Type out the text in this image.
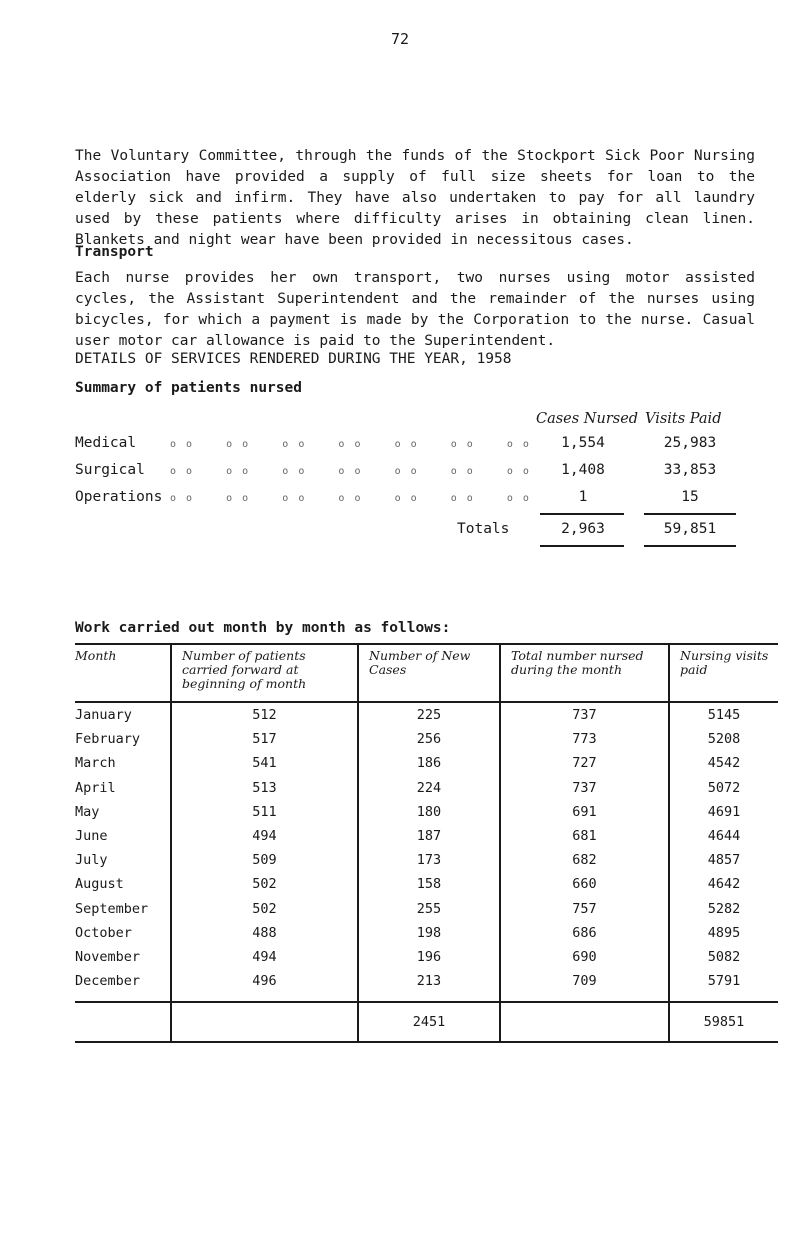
72

The Voluntary Committee, through the funds of the Stockport Sick Poor Nursing Association have provided a supply of full size sheets for loan to the elderly sick and infirm. They have also undertaken to pay for all laundry used by these patients where difficulty arises in obtaining clean linen. Blankets and night wear have been provided in necessitous cases.

Transport

Each nurse provides her own transport, two nurses using motor assisted cycles, the Assistant Superintendent and the remainder of the nurses using bicycles, for which a payment is made by the Corporation to the nurse. Casual user motor car allowance is paid to the Superintendent.

DETAILS OF SERVICES RENDERED DURING THE YEAR, 1958
Summary of patients nursed
Cases Nursed Visits Paid
Medical	o o    o o    o o    o o    o o    o o    o o	1,554	25,983
Surgical	o o    o o    o o    o o    o o    o o    o o	1,408	33,853
Operations o o    o o    o o    o o    o o    o o    o o	1	15
Totals	2,963	59,851
Work carried out month by month as follows:
Month	Number of patients carried forward at beginning of month	Number of New Cases	Total number nursed during the month	Nursing visits paid
January	512	225	737	5145
February	517	256	773	5208
March	541	186	727	4542
April	513	224	737	5072
May	511	180	691	4691
June	494	187	681	4644
July	509	173	682	4857
August	502	158	660	4642
September	502	255	757	5282
October	488	198	686	4895
November	494	196	690	5082
December	496	213	709	5791
		2451		59851
